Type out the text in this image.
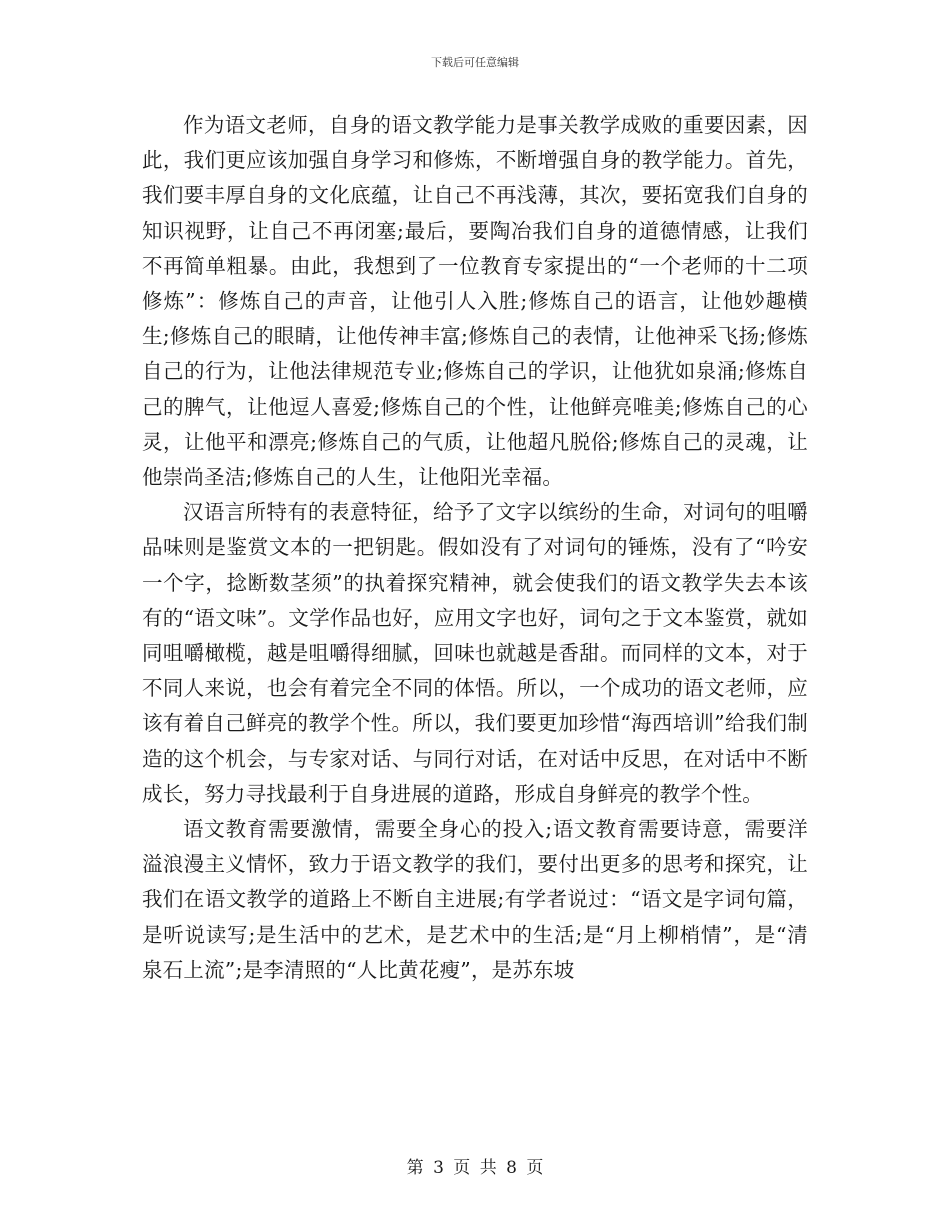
下载后可任意编辑

作为语文老师，自身的语文教学能力是事关教学成败的重要因素，因此，我们更应该加强自身学习和修炼，不断增强自身的教学能力。首先，我们要丰厚自身的文化底蕴，让自己不再浅薄，其次，要拓宽我们自身的知识视野，让自己不再闭塞;最后，要陶冶我们自身的道德情感，让我们不再简单粗暴。由此，我想到了一位教育专家提出的“一个老师的十二项修炼”：修炼自己的声音，让他引人入胜;修炼自己的语言，让他妙趣横生;修炼自己的眼睛，让他传神丰富;修炼自己的表情，让他神采飞扬;修炼自己的行为，让他法律规范专业;修炼自己的学识，让他犹如泉涌;修炼自己的脾气，让他逗人喜爱;修炼自己的个性，让他鲜亮唯美;修炼自己的心灵，让他平和漂亮;修炼自己的气质，让他超凡脱俗;修炼自己的灵魂，让他崇尚圣洁;修炼自己的人生，让他阳光幸福。

汉语言所特有的表意特征，给予了文字以缤纷的生命，对词句的咀嚼品味则是鉴赏文本的一把钥匙。假如没有了对词句的锤炼，没有了“吟安一个字，捻断数茎须”的执着探究精神，就会使我们的语文教学失去本该有的“语文味”。文学作品也好，应用文字也好，词句之于文本鉴赏，就如同咀嚼橄榄，越是咀嚼得细腻，回味也就越是香甜。而同样的文本，对于不同人来说，也会有着完全不同的体悟。所以，一个成功的语文老师，应该有着自己鲜亮的教学个性。所以，我们要更加珍惜“海西培训”给我们制造的这个机会，与专家对话、与同行对话，在对话中反思，在对话中不断成长，努力寻找最利于自身进展的道路，形成自身鲜亮的教学个性。

语文教育需要激情，需要全身心的投入;语文教育需要诗意，需要洋溢浪漫主义情怀，致力于语文教学的我们，要付出更多的思考和探究，让我们在语文教学的道路上不断自主进展;有学者说过：“语文是字词句篇，是听说读写;是生活中的艺术，是艺术中的生活;是“月上柳梢情”，是“清泉石上流”;是李清照的“人比黄花瘦”，是苏东坡

第 3 页 共 8 页
